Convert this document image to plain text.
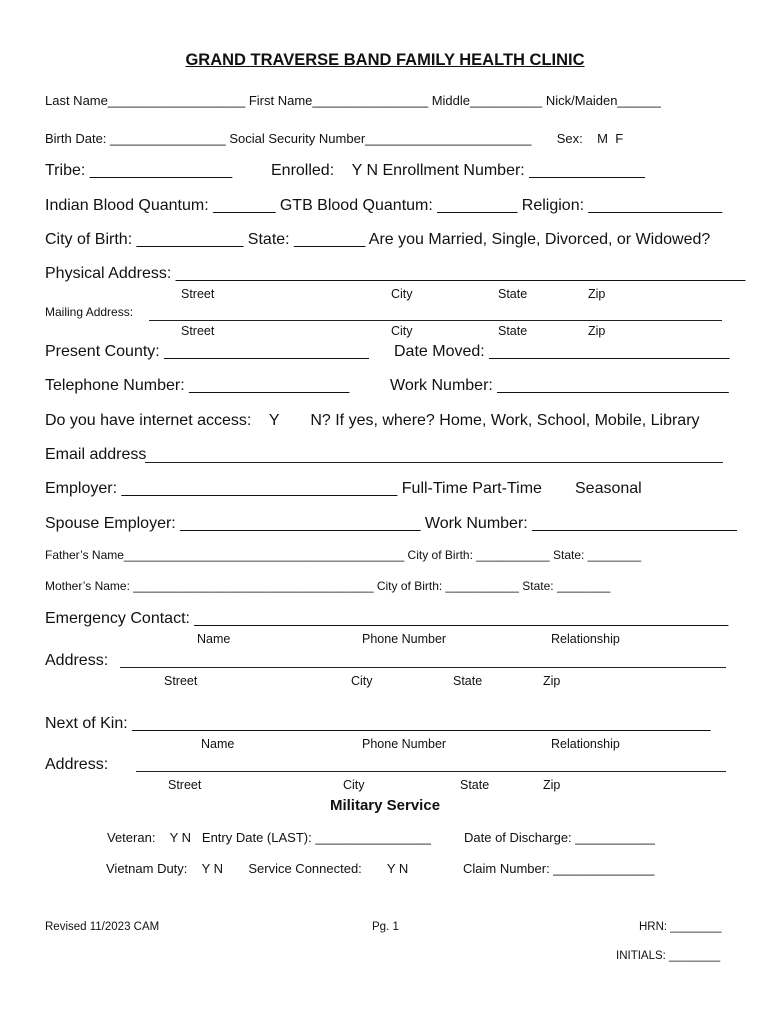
GRAND TRAVERSE BAND FAMILY HEALTH CLINIC
Last Name___________________ First Name________________ Middle__________ Nick/Maiden______
Birth Date: ________________ Social Security Number_______________________       Sex:    M  F
Tribe: ________________ Enrolled:    Y N Enrollment Number: _____________
Indian Blood Quantum: _______ GTB Blood Quantum: _________ Religion: _______________
City of Birth: ____________ State: ________ Are you Married, Single, Divorced, or Widowed?
Physical Address: ________________________________________________________________
Street	City	State	Zip
Mailing Address:
Street	City	State	Zip
Present County: _______________________ Date Moved: ___________________________
Telephone Number: __________________	Work Number: __________________________
Do you have internet access:    Y       N? If yes, where? Home, Work, School, Mobile, Library
Email address
Employer: _______________________________ Full-Time Part-Time Seasonal
Spouse Employer: ___________________________ Work Number: _______________________
Father’s Name__________________________________________ City of Birth: ___________ State: ________
Mother’s Name: ____________________________________ City of Birth: ___________ State: ________
Emergency Contact: ____________________________________________________________
Name	Phone Number	Relationship
Address:
Street	City	State	Zip
Next of Kin: _________________________________________________________________
Name	Phone Number	Relationship
Address:
Street	City	State	Zip
Military Service
Veteran:    Y N   Entry Date (LAST): ________________	Date of Discharge: ___________
Vietnam Duty:    Y N       Service Connected:       Y N	Claim Number: ______________
Revised 11/2023 CAM	Pg. 1	HRN: ________
INITIALS: ________
